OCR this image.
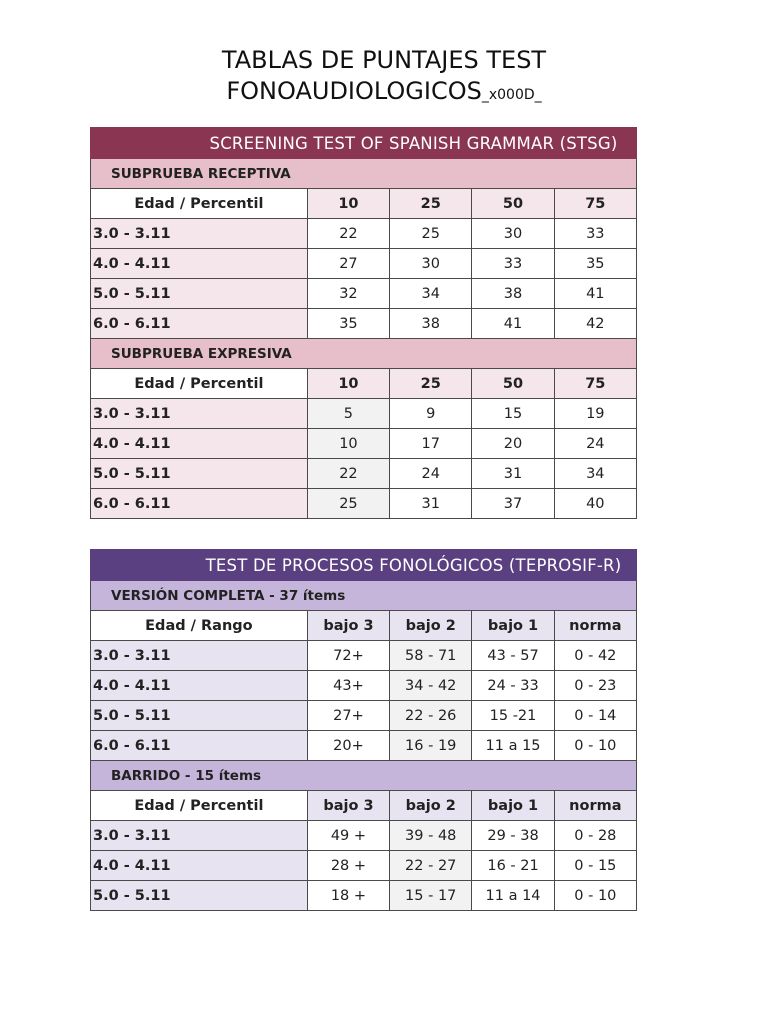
TABLAS DE PUNTAJES TEST
FONOAUDIOLOGICOS_x000D_
SCREENING TEST OF SPANISH GRAMMAR (STSG)				
SUBPRUEBA RECEPTIVA				
Edad / Percentil	10	25	50	75
3.0 - 3.11	22	25	30	33
4.0 - 4.11	27	30	33	35
5.0 - 5.11	32	34	38	41
6.0 - 6.11	35	38	41	42
SUBPRUEBA EXPRESIVA				
Edad / Percentil	10	25	50	75
3.0 - 3.11	5	9	15	19
4.0 - 4.11	10	17	20	24
5.0 - 5.11	22	24	31	34
6.0 - 6.11	25	31	37	40
TEST DE PROCESOS FONOLÓGICOS (TEPROSIF-R)				
VERSIÓN COMPLETA - 37 ítems				
Edad / Rango	bajo 3	bajo 2	bajo 1	norma
3.0 - 3.11	72+	58 - 71	43 - 57	0 - 42
4.0 - 4.11	43+	34 - 42	24 - 33	0 - 23
5.0 - 5.11	27+	22 - 26	15 -21	0 - 14
6.0 - 6.11	20+	16 - 19	11 a 15	0 - 10
BARRIDO - 15 ítems				
Edad / Percentil	bajo 3	bajo 2	bajo 1	norma
3.0 - 3.11	49 +	39 - 48	29 - 38	0 - 28
4.0 - 4.11	28 +	22 - 27	16 - 21	0 - 15
5.0 - 5.11	18 +	15 - 17	11 a 14	0 - 10
